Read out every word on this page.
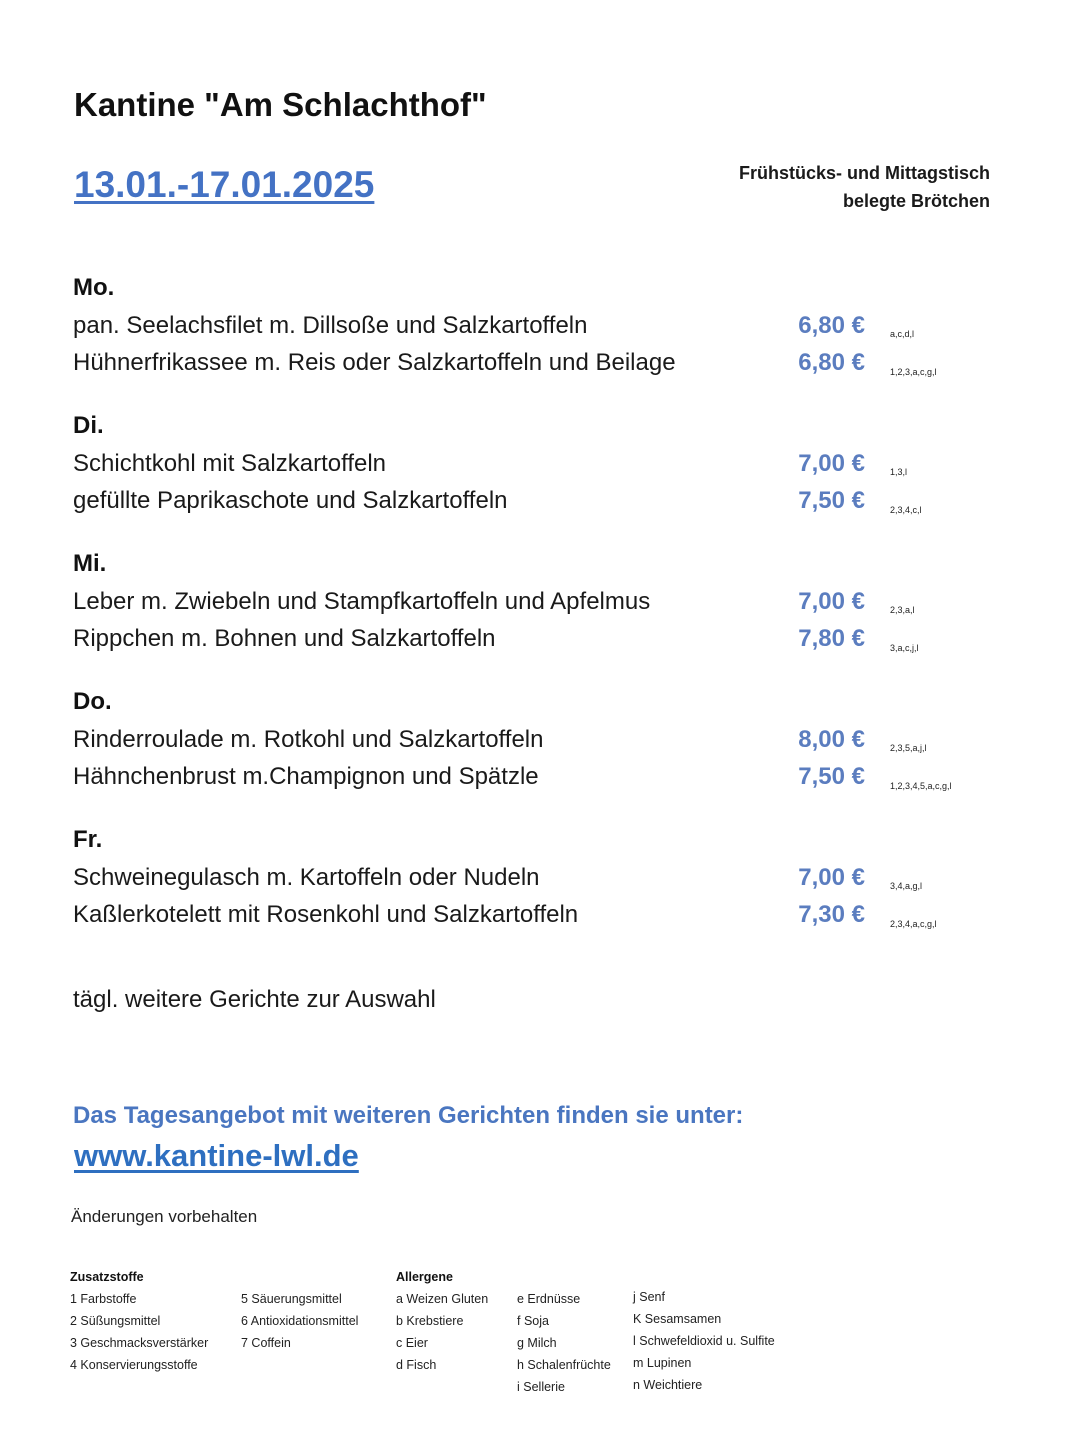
Kantine "Am Schlachthof"
13.01.-17.01.2025	Frühstücks- und Mittagstisch
belegte Brötchen
Mo.
pan. Seelachsfilet m. Dillsoße und Salzkartoffeln	6,80 €	a,c,d,l
Hühnerfrikassee m. Reis oder Salzkartoffeln und Beilage	6,80 €	1,2,3,a,c,g,l
Di.
Schichtkohl mit Salzkartoffeln	7,00 €	1,3,l
gefüllte Paprikaschote und Salzkartoffeln	7,50 €	2,3,4,c,l
Mi.
Leber m. Zwiebeln und Stampfkartoffeln und Apfelmus	7,00 €	2,3,a,l
Rippchen m. Bohnen und Salzkartoffeln	7,80 €	3,a,c,j,l
Do.
Rinderroulade m. Rotkohl und Salzkartoffeln	8,00 €	2,3,5,a,j,l
Hähnchenbrust m.Champignon und Spätzle	7,50 €	1,2,3,4,5,a,c,g,l
Fr.
Schweinegulasch m. Kartoffeln oder Nudeln	7,00 €	3,4,a,g,l
Kaßlerkotelett mit Rosenkohl und Salzkartoffeln	7,30 €	2,3,4,a,c,g,l
tägl. weitere Gerichte zur Auswahl
Das Tagesangebot mit weiteren Gerichten finden sie unter:
www.kantine-lwl.de
Änderungen vorbehalten
Zusatzstoffe
1 Farbstoffe
2 Süßungsmittel
3 Geschmacksverstärker
4 Konservierungsstoffe
5 Säuerungsmittel
6 Antioxidationsmittel
7 Coffein
Allergene
a Weizen Gluten
b Krebstiere
c Eier
d Fisch
e Erdnüsse
f Soja
g Milch
h Schalenfrüchte
i Sellerie
j Senf
K Sesamsamen
l Schwefeldioxid u. Sulfite
m Lupinen
n Weichtiere
